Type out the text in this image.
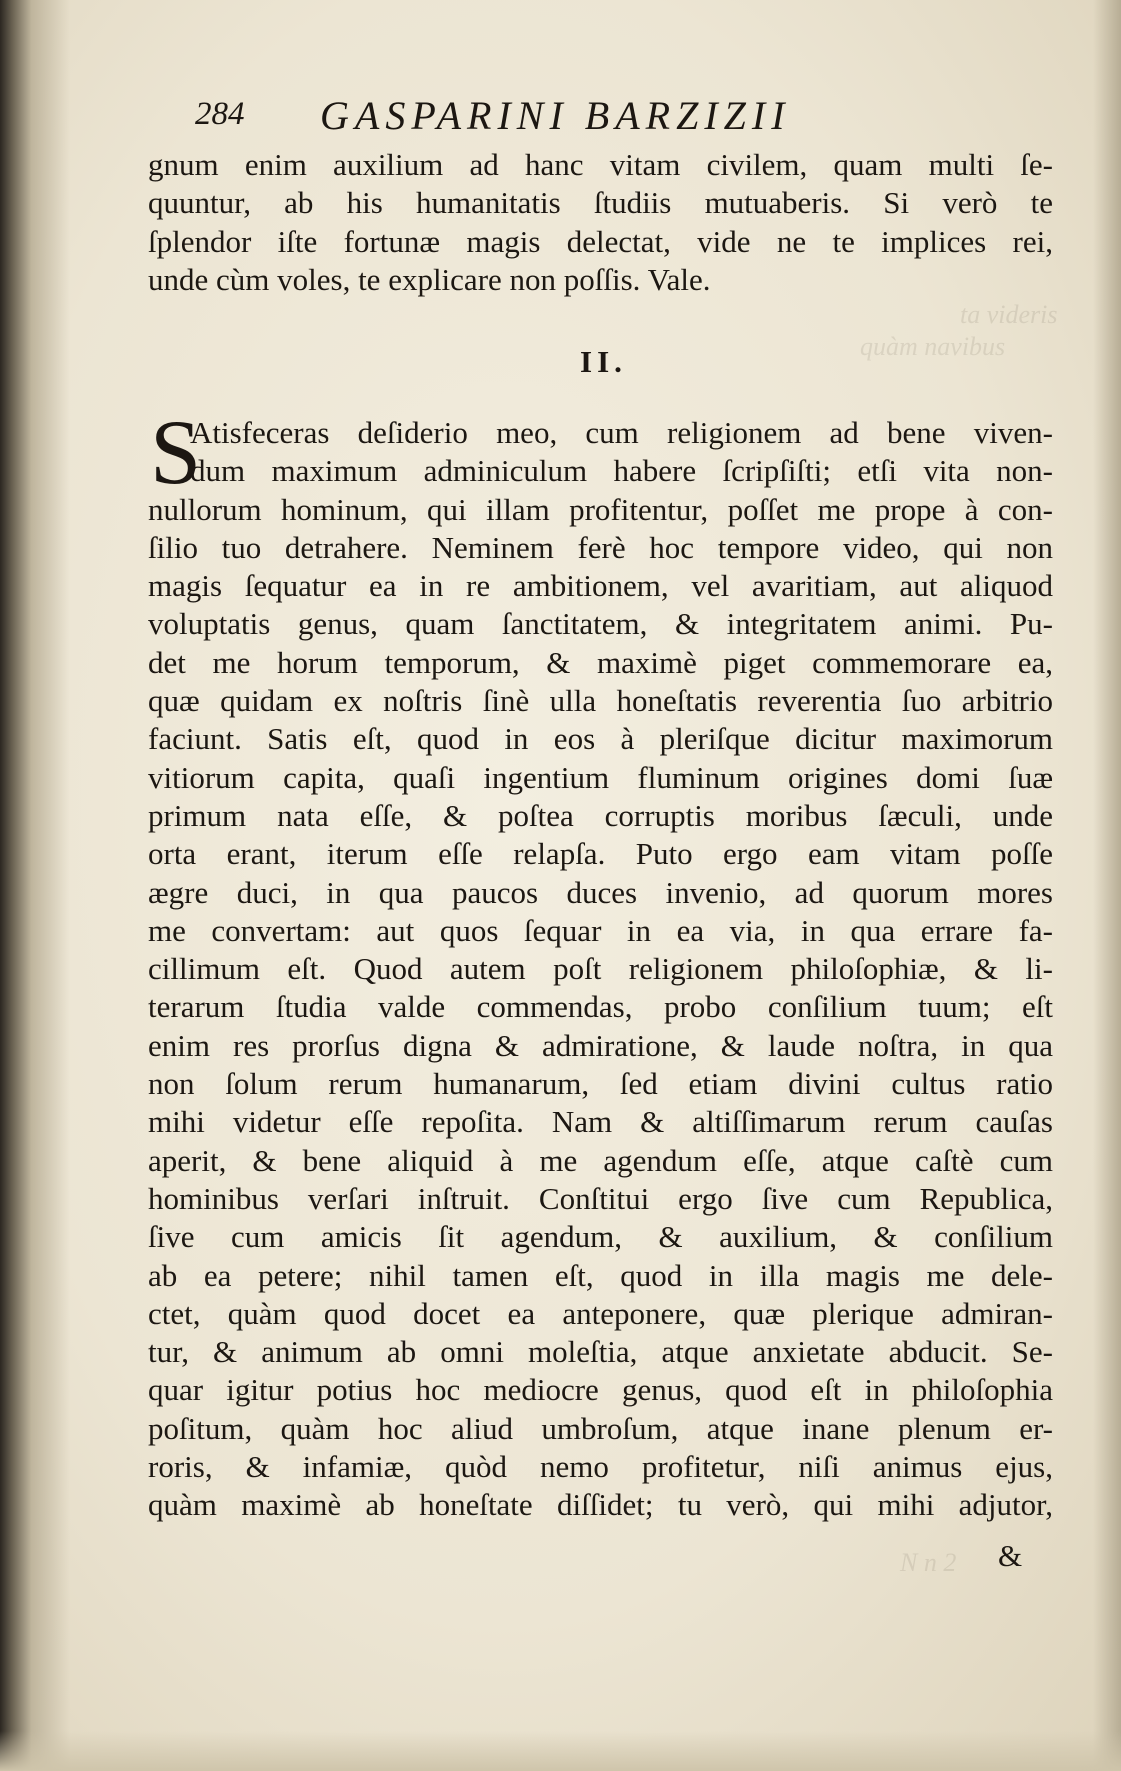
ta videris
quàm navibus
N n 2
284 GASPARINI BARZIZII
gnum enim auxilium ad hanc vitam civilem, quam multi ſe-
quuntur, ab his humanitatis ſtudiis mutuaberis. Si verò te
ſplendor iſte fortunæ magis delectat, vide ne te implices rei,
unde cùm voles, te explicare non poſſis. Vale.
II.
S
Atisfeceras deſiderio meo, cum religionem ad bene viven-
dum maximum adminiculum habere ſcripſiſti; etſi vita non-
nullorum hominum, qui illam profitentur, poſſet me prope à con-
ſilio tuo detrahere. Neminem ferè hoc tempore video, qui non
magis ſequatur ea in re ambitionem, vel avaritiam, aut aliquod
voluptatis genus, quam ſanctitatem, & integritatem animi. Pu-
det me horum temporum, & maximè piget commemorare ea,
quæ quidam ex noſtris ſinè ulla honeſtatis reverentia ſuo arbitrio
faciunt. Satis eſt, quod in eos à pleriſque dicitur maximorum
vitiorum capita, quaſi ingentium fluminum origines domi ſuæ
primum nata eſſe, & poſtea corruptis moribus ſæculi, unde
orta erant, iterum eſſe relapſa. Puto ergo eam vitam poſſe
ægre duci, in qua paucos duces invenio, ad quorum mores
me convertam: aut quos ſequar in ea via, in qua errare fa-
cillimum eſt. Quod autem poſt religionem philoſophiæ, & li-
terarum ſtudia valde commendas, probo conſilium tuum; eſt
enim res prorſus digna & admiratione, & laude noſtra, in qua
non ſolum rerum humanarum, ſed etiam divini cultus ratio
mihi videtur eſſe repoſita. Nam & altiſſimarum rerum cauſas
aperit, & bene aliquid à me agendum eſſe, atque caſtè cum
hominibus verſari inſtruit. Conſtitui ergo ſive cum Republica,
ſive cum amicis ſit agendum, & auxilium, & conſilium
ab ea petere; nihil tamen eſt, quod in illa magis me dele-
ctet, quàm quod docet ea anteponere, quæ plerique admiran-
tur, & animum ab omni moleſtia, atque anxietate abducit. Se-
quar igitur potius hoc mediocre genus, quod eſt in philoſophia
poſitum, quàm hoc aliud umbroſum, atque inane plenum er-
roris, & infamiæ, quòd nemo profitetur, niſi animus ejus,
quàm maximè ab honeſtate diſſidet; tu verò, qui mihi adjutor,
&
